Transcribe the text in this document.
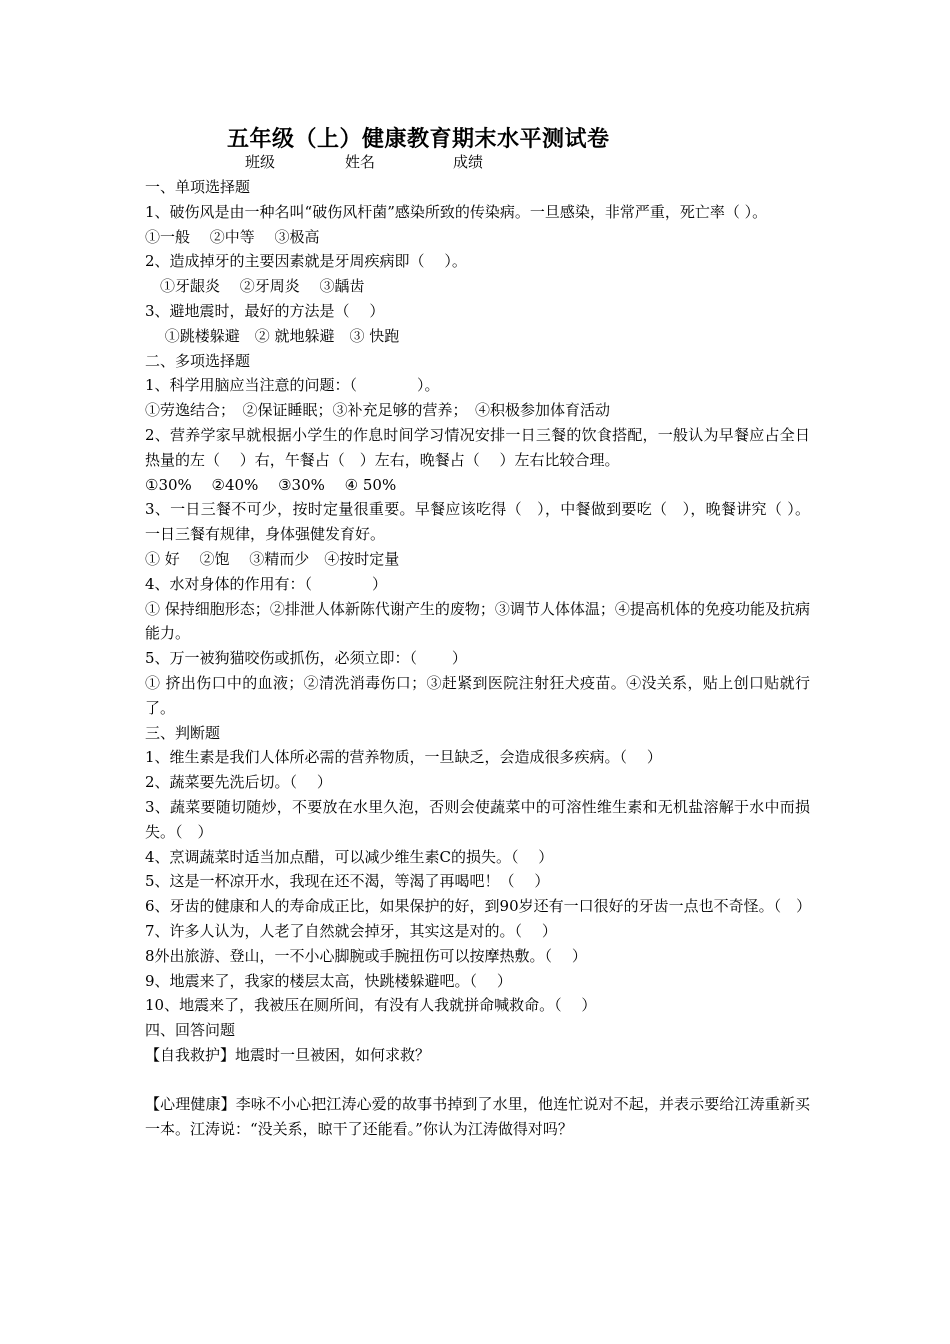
五年级（上）健康教育期末水平测试卷
班级	姓名	成绩
一、单项选择题
1、破伤风是由一种名叫“破伤风杆菌”感染所致的传染病。一旦感染，非常严重，死亡率（ ）。
①一般　 ②中等　 ③极高
2、造成掉牙的主要因素就是牙周疾病即（　 ）。
　①牙龈炎　 ②牙周炎　 ③龋齿
3、避地震时，最好的方法是（　 ）
　 ①跳楼躲避　② 就地躲避　③ 快跑
二、多项选择题
1、科学用脑应当注意的问题：（　　　　）。
①劳逸结合；　②保证睡眠；③补充足够的营养；　④积极参加体育活动
2、营养学家早就根据小学生的作息时间学习情况安排一日三餐的饮食搭配，一般认为早餐应占全日热量的左（　 ）右，午餐占（　）左右，晚餐占（　 ）左右比较合理。
①30%　 ②40%　 ③30%　 ④ 50%
3、一日三餐不可少，按时定量很重要。早餐应该吃得（　），中餐做到要吃（　），晚餐讲究（ ）。一日三餐有规律，身体强健发育好。
① 好　 ②饱　 ③精而少　④按时定量
4、水对身体的作用有：（　　　　）
① 保持细胞形态；②排泄人体新陈代谢产生的废物；③调节人体体温；④提高机体的免疫功能及抗病能力。
5、万一被狗猫咬伤或抓伤，必须立即：（　　 ）
① 挤出伤口中的血液；②清洗消毒伤口；③赶紧到医院注射狂犬疫苗。④没关系，贴上创口贴就行了。
三、判断题
1、维生素是我们人体所必需的营养物质，一旦缺乏，会造成很多疾病。（　 ）
2、蔬菜要先洗后切。（　 ）
3、蔬菜要随切随炒，不要放在水里久泡，否则会使蔬菜中的可溶性维生素和无机盐溶解于水中而损失。（　）
4、烹调蔬菜时适当加点醋，可以减少维生素C的损失。（　 ）
5、这是一杯凉开水，我现在还不渴，等渴了再喝吧！（　 ）
6、牙齿的健康和人的寿命成正比，如果保护的好，到90岁还有一口很好的牙齿一点也不奇怪。（　）
7、许多人认为，人老了自然就会掉牙，其实这是对的。（　 ）
8外出旅游、登山，一不小心脚腕或手腕扭伤可以按摩热敷。（　 ）
9、地震来了，我家的楼层太高，快跳楼躲避吧。（　 ）
10、地震来了，我被压在厕所间，有没有人我就拼命喊救命。（　 ）
四、回答问题
【自我救护】地震时一旦被困，如何求救？
【心理健康】李咏不小心把江涛心爱的故事书掉到了水里，他连忙说对不起，并表示要给江涛重新买一本。江涛说：“没关系，晾干了还能看。”你认为江涛做得对吗？
